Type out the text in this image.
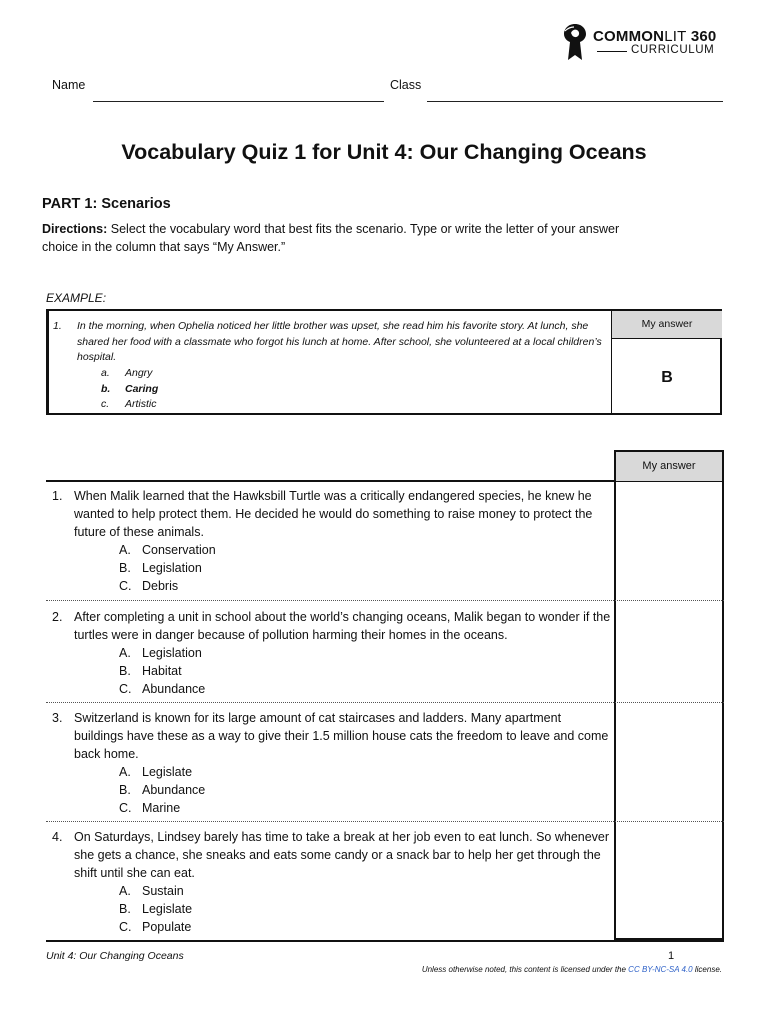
COMMONLIT 360
CURRICULUM
Name	Class
Vocabulary Quiz 1 for Unit 4: Our Changing Oceans
PART 1: Scenarios
Directions: Select the vocabulary word that best fits the scenario. Type or write the letter of your answer choice in the column that says “My Answer.”
EXAMPLE:
1. In the morning, when Ophelia noticed her little brother was upset, she read him his favorite story. At lunch, she shared her food with a classmate who forgot his lunch at home. After school, she volunteered at a local children’s hospital.
a. Angry
b. Caring
c. Artistic
My answer
B
My answer
1. When Malik learned that the Hawksbill Turtle was a critically endangered species, he knew he wanted to help protect them. He decided he would do something to raise money to protect the future of these animals.
A. Conservation
B. Legislation
C. Debris
2. After completing a unit in school about the world’s changing oceans, Malik began to wonder if the turtles were in danger because of pollution harming their homes in the oceans.
A. Legislation
B. Habitat
C. Abundance
3. Switzerland is known for its large amount of cat staircases and ladders. Many apartment buildings have these as a way to give their 1.5 million house cats the freedom to leave and come back home.
A. Legislate
B. Abundance
C. Marine
4. On Saturdays, Lindsey barely has time to take a break at her job even to eat lunch. So whenever she gets a chance, she sneaks and eats some candy or a snack bar to help her get through the shift until she can eat.
A. Sustain
B. Legislate
C. Populate
Unit 4: Our Changing Oceans	1
Unless otherwise noted, this content is licensed under the CC BY-NC-SA 4.0 license.
